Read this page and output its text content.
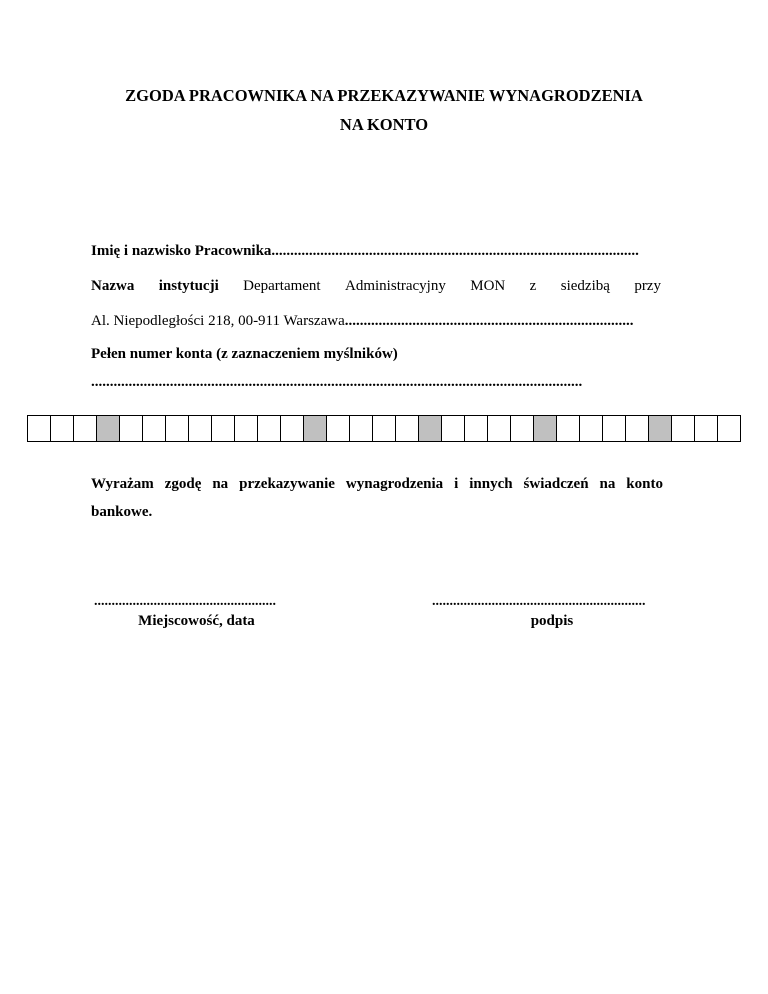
ZGODA PRACOWNIKA NA PRZEKAZYWANIE WYNAGRODZENIA
NA KONTO
Imię i nazwisko Pracownika..................................................................................................
Nazwa instytucji Departament Administracyjny MON z siedzibą przy
Al. Niepodległości 218, 00-911 Warszawa.............................................................................
Pełen numer konta (z zaznaczeniem myślników)
...................................................................................................................................
Wyrażam zgodę na przekazywanie wynagrodzenia i innych świadczeń na konto bankowe.
....................................................
Miejscowość, data
.............................................................
podpis
